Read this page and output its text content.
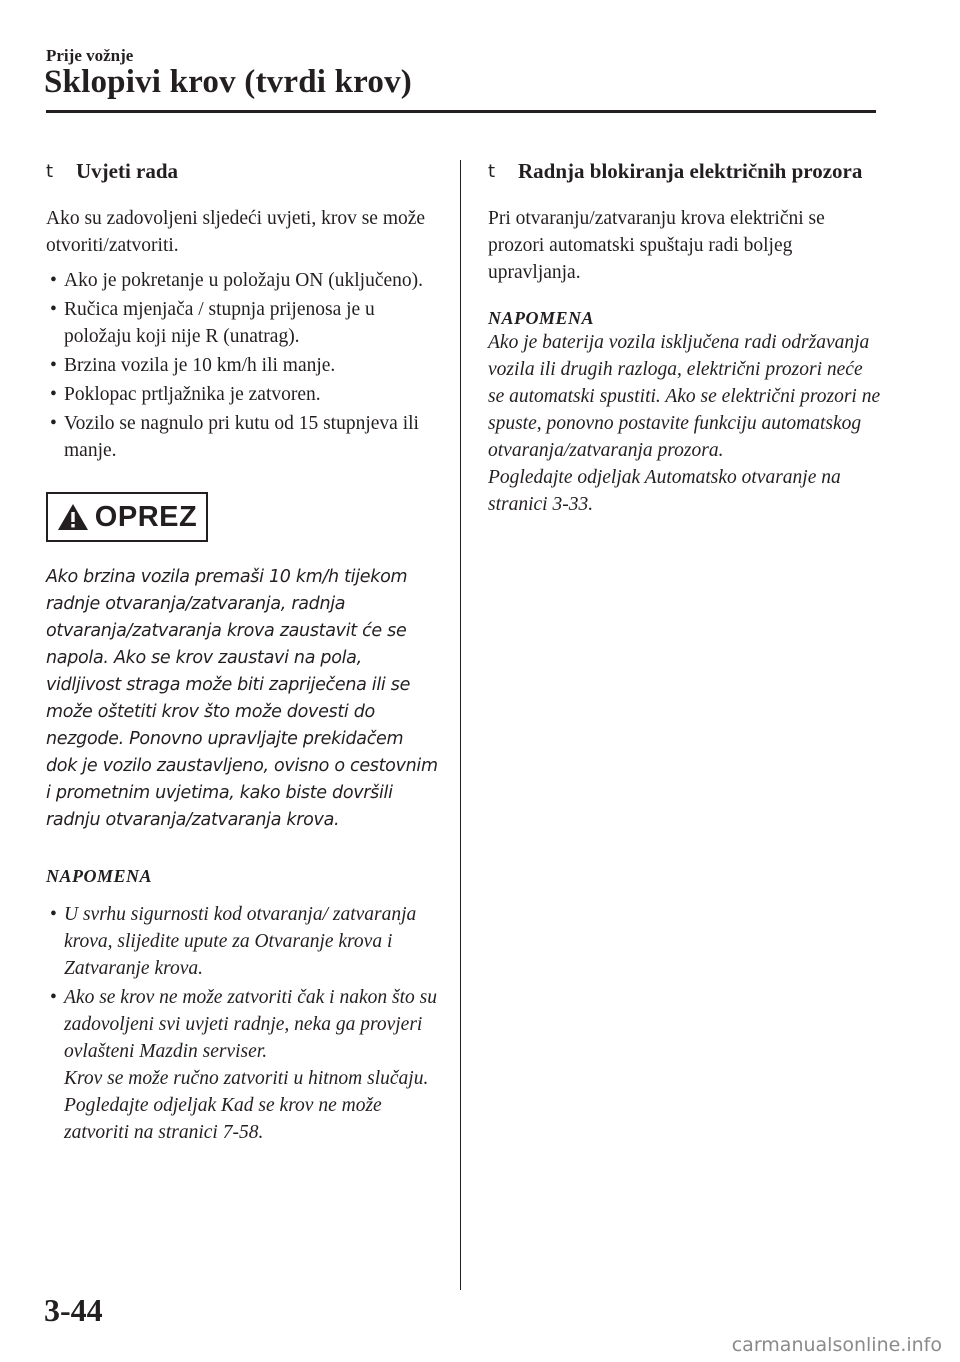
Prije vožnje
Sklopivi krov (tvrdi krov)
t	Uvjeti rada

Ako su zadovoljeni sljedeći uvjeti, krov se može otvoriti/zatvoriti.

• Ako je pokretanje u položaju ON (uključeno).
• Ručica mjenjača / stupnja prijenosa je u položaju koji nije R (unatrag).
• Brzina vozila je 10 km/h ili manje.
• Poklopac prtljažnika je zatvoren.
• Vozilo se nagnulo pri kutu od 15 stupnjeva ili manje.
OPREZ
Ako brzina vozila premaši 10 km/h tijekom radnje otvaranja/zatvaranja, radnja otvaranja/zatvaranja krova zaustavit će se napola. Ako se krov zaustavi na pola, vidljivost straga može biti zapriječena ili se može oštetiti krov što može dovesti do nezgode. Ponovno upravljajte prekidačem dok je vozilo zaustavljeno, ovisno o cestovnim i prometnim uvjetima, kako biste dovršili radnju otvaranja/zatvaranja krova.
NAPOMENA
• U svrhu sigurnosti kod otvaranja/ zatvaranja krova, slijedite upute za Otvaranje krova i Zatvaranje krova.
• Ako se krov ne može zatvoriti čak i nakon što su zadovoljeni svi uvjeti radnje, neka ga provjeri ovlašteni Mazdin serviser.
Krov se može ručno zatvoriti u hitnom slučaju.
Pogledajte odjeljak Kad se krov ne može zatvoriti na stranici 7-58.
t	Radnja blokiranja električnih prozora
Pri otvaranju/zatvaranju krova električni se prozori automatski spuštaju radi boljeg upravljanja.
NAPOMENA
Ako je baterija vozila isključena radi održavanja vozila ili drugih razloga, električni prozori neće se automatski spustiti. Ako se električni prozori ne spuste, ponovno postavite funkciju automatskog otvaranja/zatvaranja prozora.
Pogledajte odjeljak Automatsko otvaranje na stranici 3-33.
3-44
carmanualsonline.info
